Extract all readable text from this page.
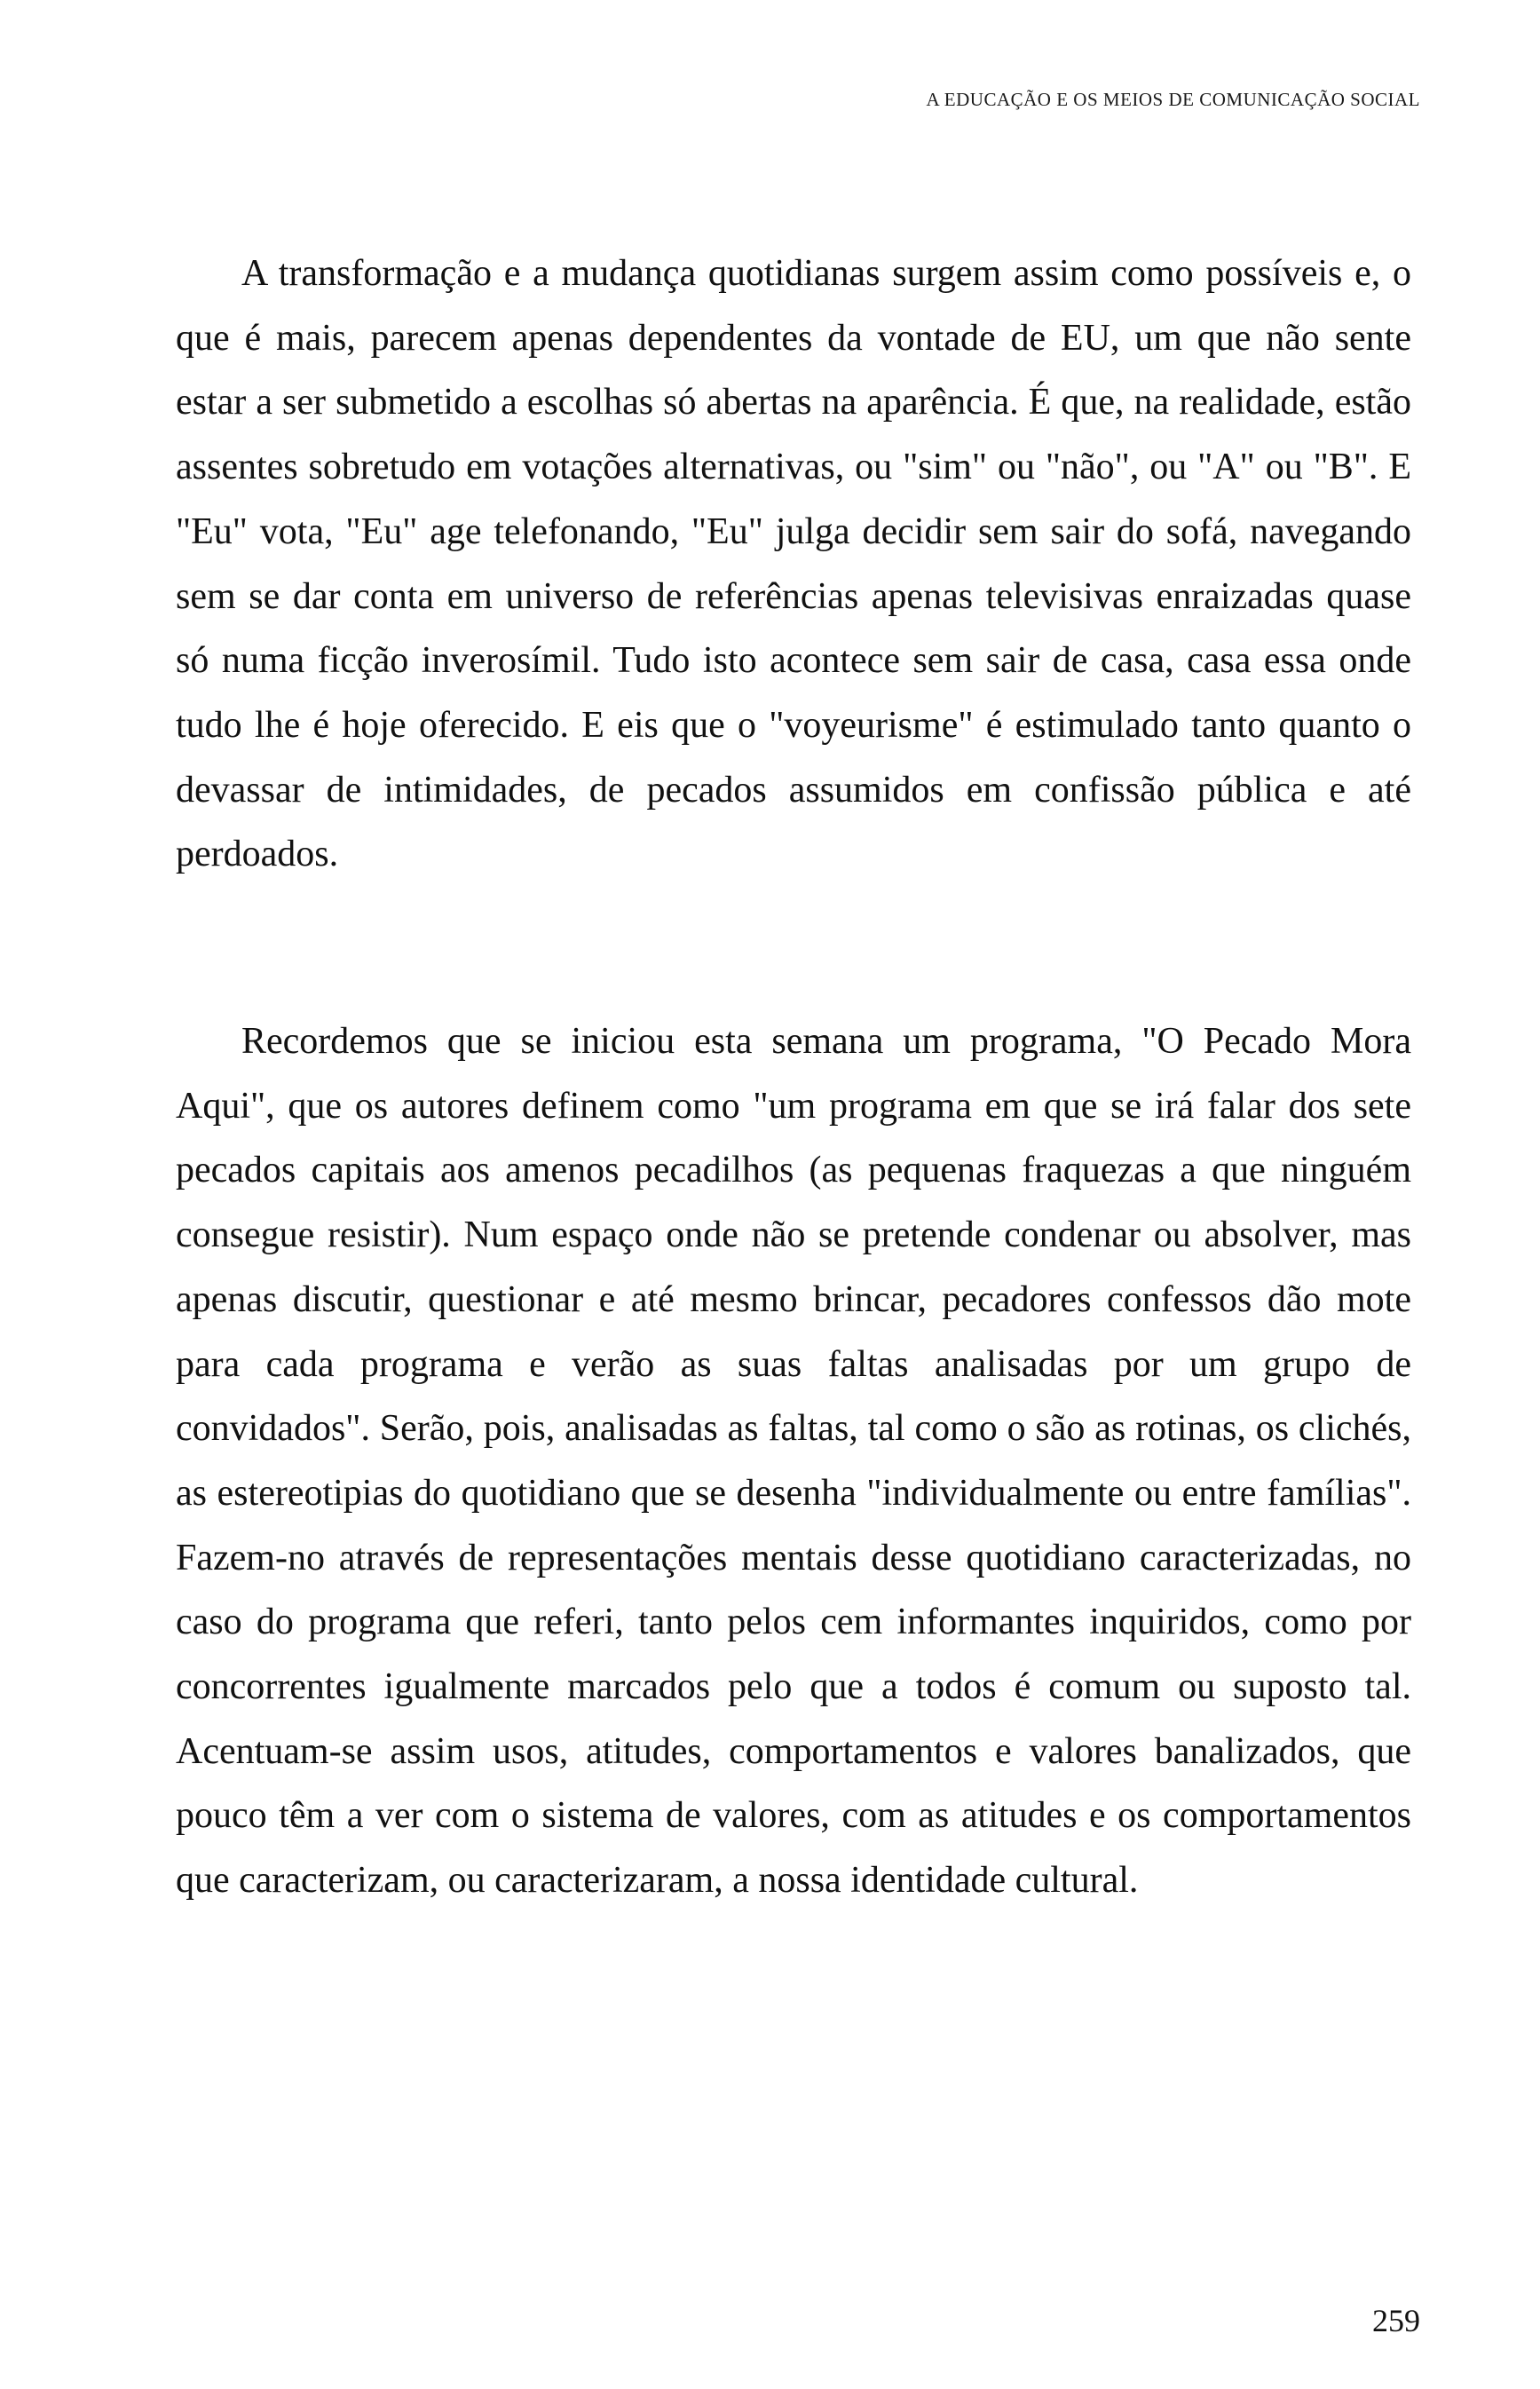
A EDUCAÇÃO E OS MEIOS DE COMUNICAÇÃO SOCIAL

A transformação e a mudança quotidianas surgem assim como possíveis e, o que é mais, parecem apenas dependentes da vontade de EU, um que não sente estar a ser submetido a escolhas só abertas na aparência. É que, na realidade, estão assentes sobretudo em votações alternativas, ou "sim" ou "não", ou "A" ou "B". E "Eu" vota, "Eu" age telefonando, "Eu" julga decidir sem sair do sofá, navegando sem se dar conta em universo de referências apenas televisivas enraizadas quase só numa ficção inverosímil. Tudo isto acontece sem sair de casa, casa essa onde tudo lhe é hoje oferecido. E eis que o "voyeurisme" é estimulado tanto quanto o devassar de intimidades, de pecados assumidos em confissão pública e até perdoados.

Recordemos que se iniciou esta semana um programa, "O Pecado Mora Aqui", que os autores definem como "um programa em que se irá falar dos sete pecados capitais aos amenos pecadilhos (as pequenas fraquezas a que ninguém consegue resistir). Num espaço onde não se pretende condenar ou absolver, mas apenas discutir, questionar e até mesmo brincar, pecadores confessos dão mote para cada programa e verão as suas faltas analisadas por um grupo de convidados". Serão, pois, analisadas as faltas, tal como o são as rotinas, os clichés, as estereotipias do quotidiano que se desenha "individualmente ou entre famílias". Fazem-no através de representações mentais desse quotidiano caracterizadas, no caso do programa que referi, tanto pelos cem informantes inquiridos, como por concorrentes igualmente marcados pelo que a todos é comum ou suposto tal. Acentuam-se assim usos, atitudes, comportamentos e valores banalizados, que pouco têm a ver com o sistema de valores, com as atitudes e os comportamentos que caracterizam, ou caracterizaram, a nossa identidade cultural.

259
